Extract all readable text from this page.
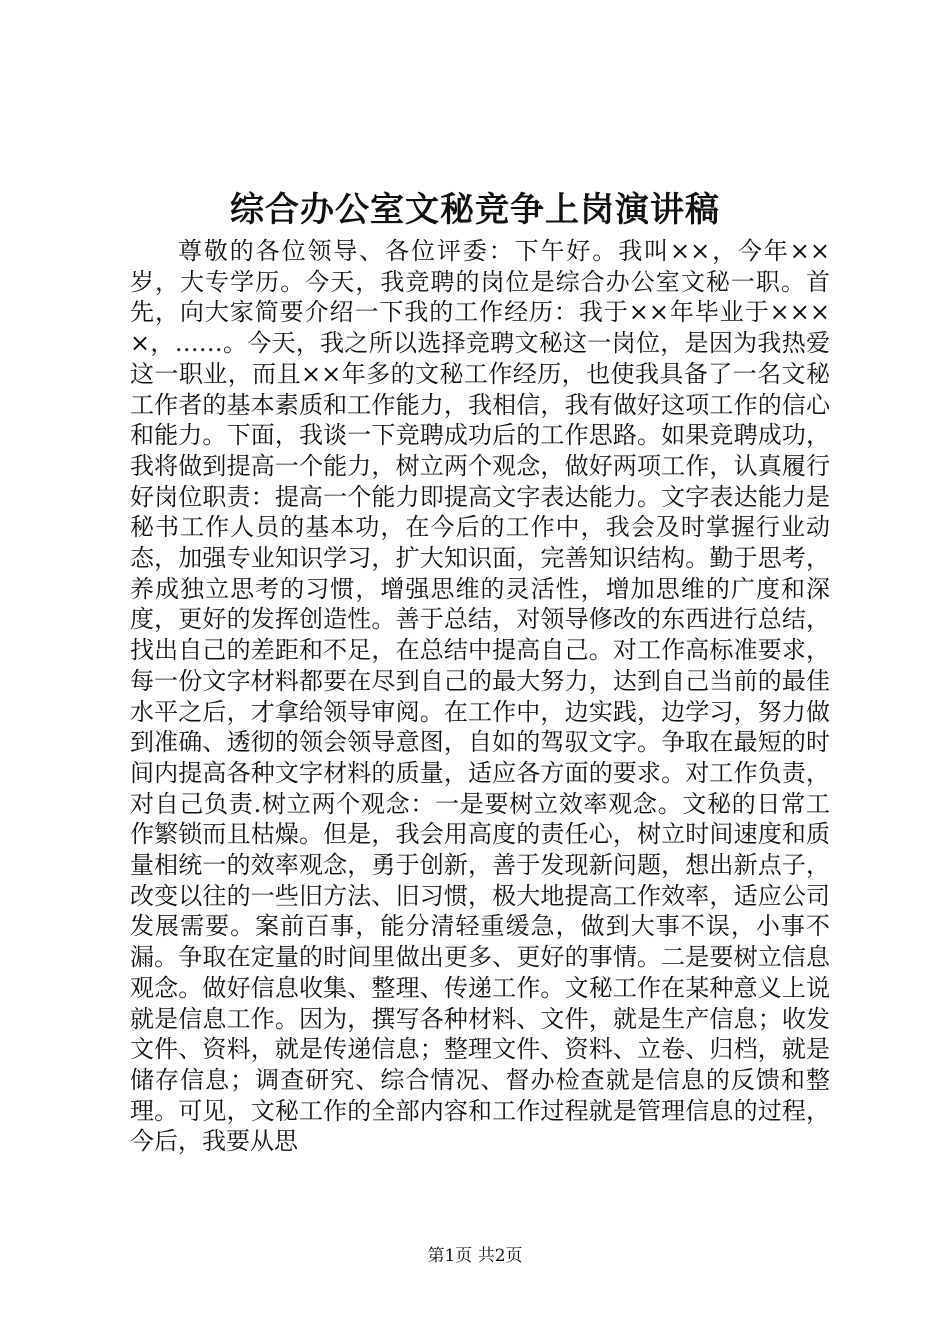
综合办公室文秘竞争上岗演讲稿

尊敬的各位领导、各位评委：下午好。我叫××，今年××岁，大专学历。今天，我竞聘的岗位是综合办公室文秘一职。首先，向大家简要介绍一下我的工作经历：我于××年毕业于××××，……。今天，我之所以选择竞聘文秘这一岗位，是因为我热爱这一职业，而且××年多的文秘工作经历，也使我具备了一名文秘工作者的基本素质和工作能力，我相信，我有做好这项工作的信心和能力。下面，我谈一下竞聘成功后的工作思路。如果竞聘成功，我将做到提高一个能力，树立两个观念，做好两项工作，认真履行好岗位职责：提高一个能力即提高文字表达能力。文字表达能力是秘书工作人员的基本功，在今后的工作中，我会及时掌握行业动态，加强专业知识学习，扩大知识面，完善知识结构。勤于思考，养成独立思考的习惯，增强思维的灵活性，增加思维的广度和深度，更好的发挥创造性。善于总结，对领导修改的东西进行总结，找出自己的差距和不足，在总结中提高自己。对工作高标准要求，每一份文字材料都要在尽到自己的最大努力，达到自己当前的最佳水平之后，才拿给领导审阅。在工作中，边实践，边学习，努力做到准确、透彻的领会领导意图，自如的驾驭文字。争取在最短的时间内提高各种文字材料的质量，适应各方面的要求。对工作负责，对自己负责.树立两个观念：一是要树立效率观念。文秘的日常工作繁锁而且枯燥。但是，我会用高度的责任心，树立时间速度和质量相统一的效率观念，勇于创新，善于发现新问题，想出新点子，改变以往的一些旧方法、旧习惯，极大地提高工作效率，适应公司发展需要。案前百事，能分清轻重缓急，做到大事不误，小事不漏。争取在定量的时间里做出更多、更好的事情。二是要树立信息观念。做好信息收集、整理、传递工作。文秘工作在某种意义上说就是信息工作。因为，撰写各种材料、文件，就是生产信息；收发文件、资料，就是传递信息；整理文件、资料、立卷、归档，就是储存信息；调查研究、综合情况、督办检查就是信息的反馈和整理。可见，文秘工作的全部内容和工作过程就是管理信息的过程，今后，我要从思

第1页 共2页
